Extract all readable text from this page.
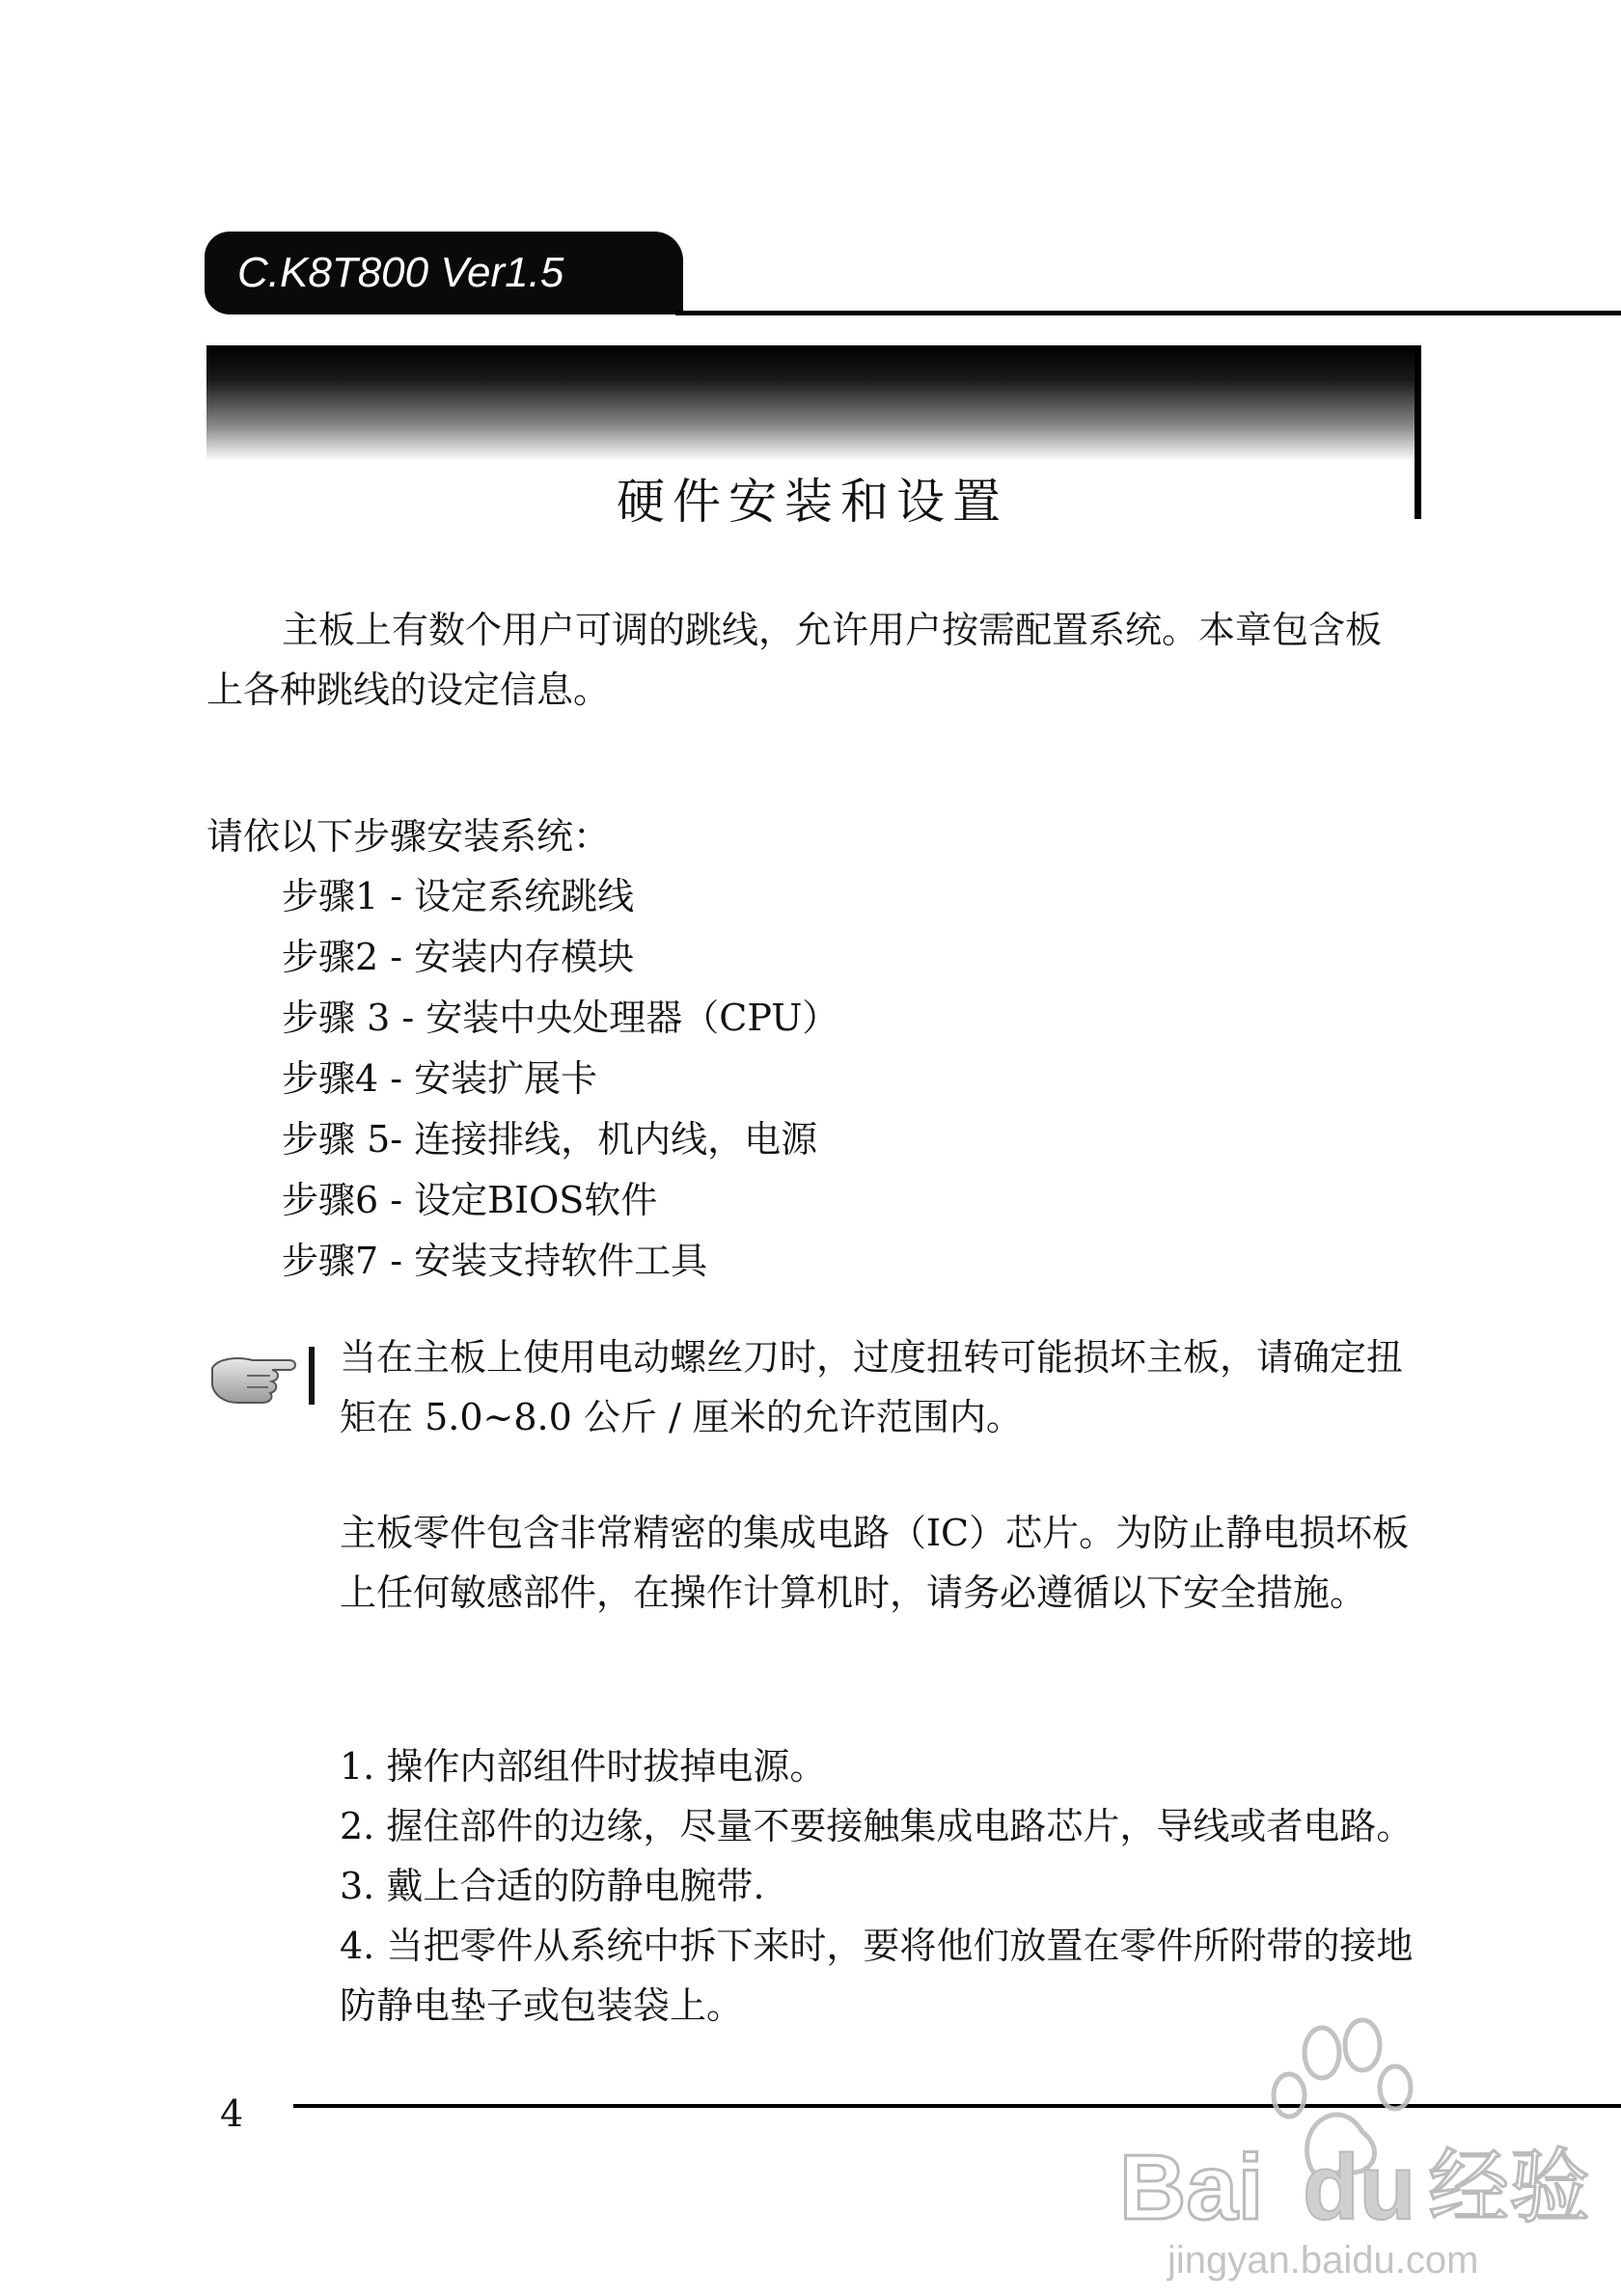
C.K8T800 Ver1.5
硬件安装和设置
主板上有数个用户可调的跳线，允许用户按需配置系统。本章包含板上各种跳线的设定信息。
请依以下步骤安装系统：
步骤1 - 设定系统跳线
步骤2 - 安装内存模块
步骤 3 - 安装中央处理器（CPU）
步骤4 - 安装扩展卡
步骤 5- 连接排线，机内线，电源
步骤6 - 设定BIOS软件
步骤7 - 安装支持软件工具
当在主板上使用电动螺丝刀时，过度扭转可能损坏主板，请确定扭矩在 5.0~8.0 公斤 / 厘米的允许范围内。
主板零件包含非常精密的集成电路（IC）芯片。为防止静电损坏板上任何敏感部件，在操作计算机时，请务必遵循以下安全措施。
1. 操作内部组件时拔掉电源。
2. 握住部件的边缘，尽量不要接触集成电路芯片，导线或者电路。
3. 戴上合适的防静电腕带.
4. 当把零件从系统中拆下来时，要将他们放置在零件所附带的接地防静电垫子或包装袋上。
4
Bai du 经验
jingyan.baidu.com
